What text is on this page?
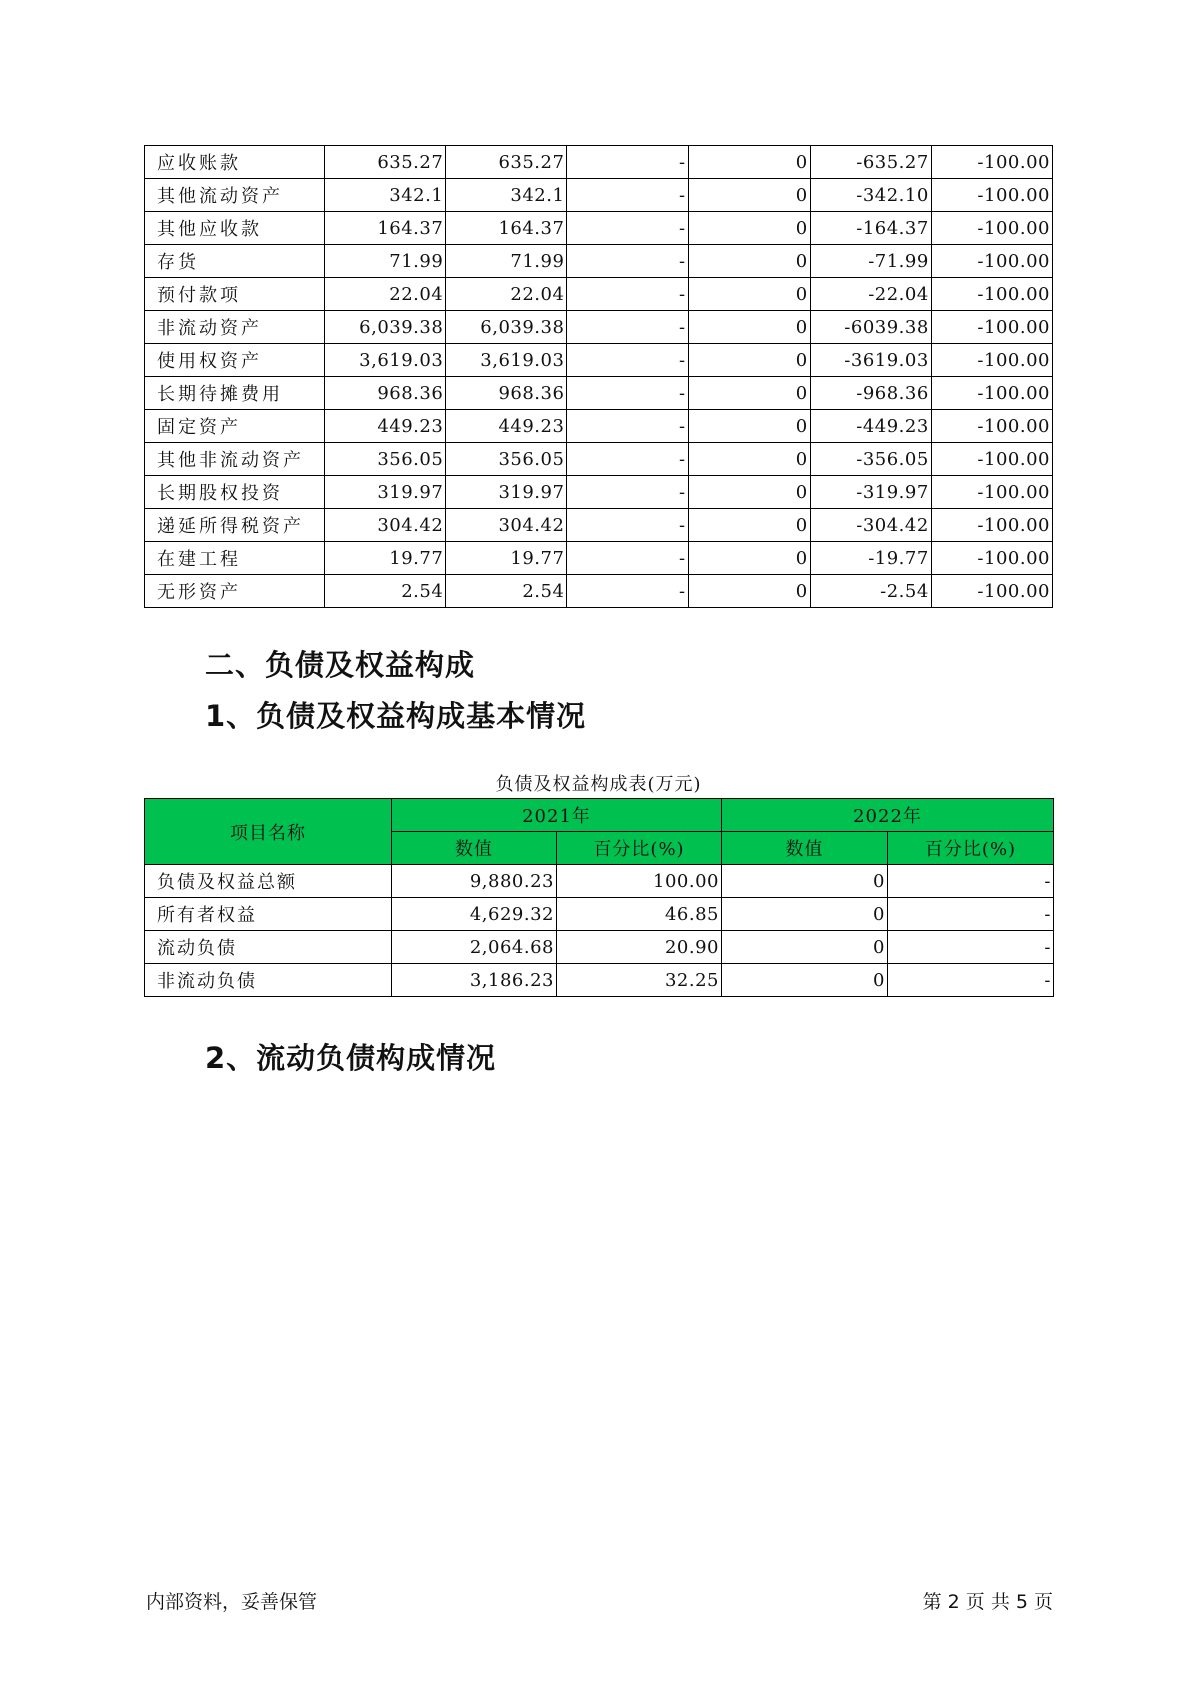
应收账款	635.27	635.27	-	0	-635.27	-100.00
其他流动资产	342.1	342.1	-	0	-342.10	-100.00
其他应收款	164.37	164.37	-	0	-164.37	-100.00
存货	71.99	71.99	-	0	-71.99	-100.00
预付款项	22.04	22.04	-	0	-22.04	-100.00
非流动资产	6,039.38	6,039.38	-	0	-6039.38	-100.00
使用权资产	3,619.03	3,619.03	-	0	-3619.03	-100.00
长期待摊费用	968.36	968.36	-	0	-968.36	-100.00
固定资产	449.23	449.23	-	0	-449.23	-100.00
其他非流动资产	356.05	356.05	-	0	-356.05	-100.00
长期股权投资	319.97	319.97	-	0	-319.97	-100.00
递延所得税资产	304.42	304.42	-	0	-304.42	-100.00
在建工程	19.77	19.77	-	0	-19.77	-100.00
无形资产	2.54	2.54	-	0	-2.54	-100.00
二、负债及权益构成
1、负债及权益构成基本情况
负债及权益构成表(万元)
项目名称	2021年		2022年	
	数值	百分比(%)	数值	百分比(%)
负债及权益总额	9,880.23	100.00	0	-
所有者权益	4,629.32	46.85	0	-
流动负债	2,064.68	20.90	0	-
非流动负债	3,186.23	32.25	0	-
2、流动负债构成情况
内部资料，妥善保管	第 2 页 共 5 页
